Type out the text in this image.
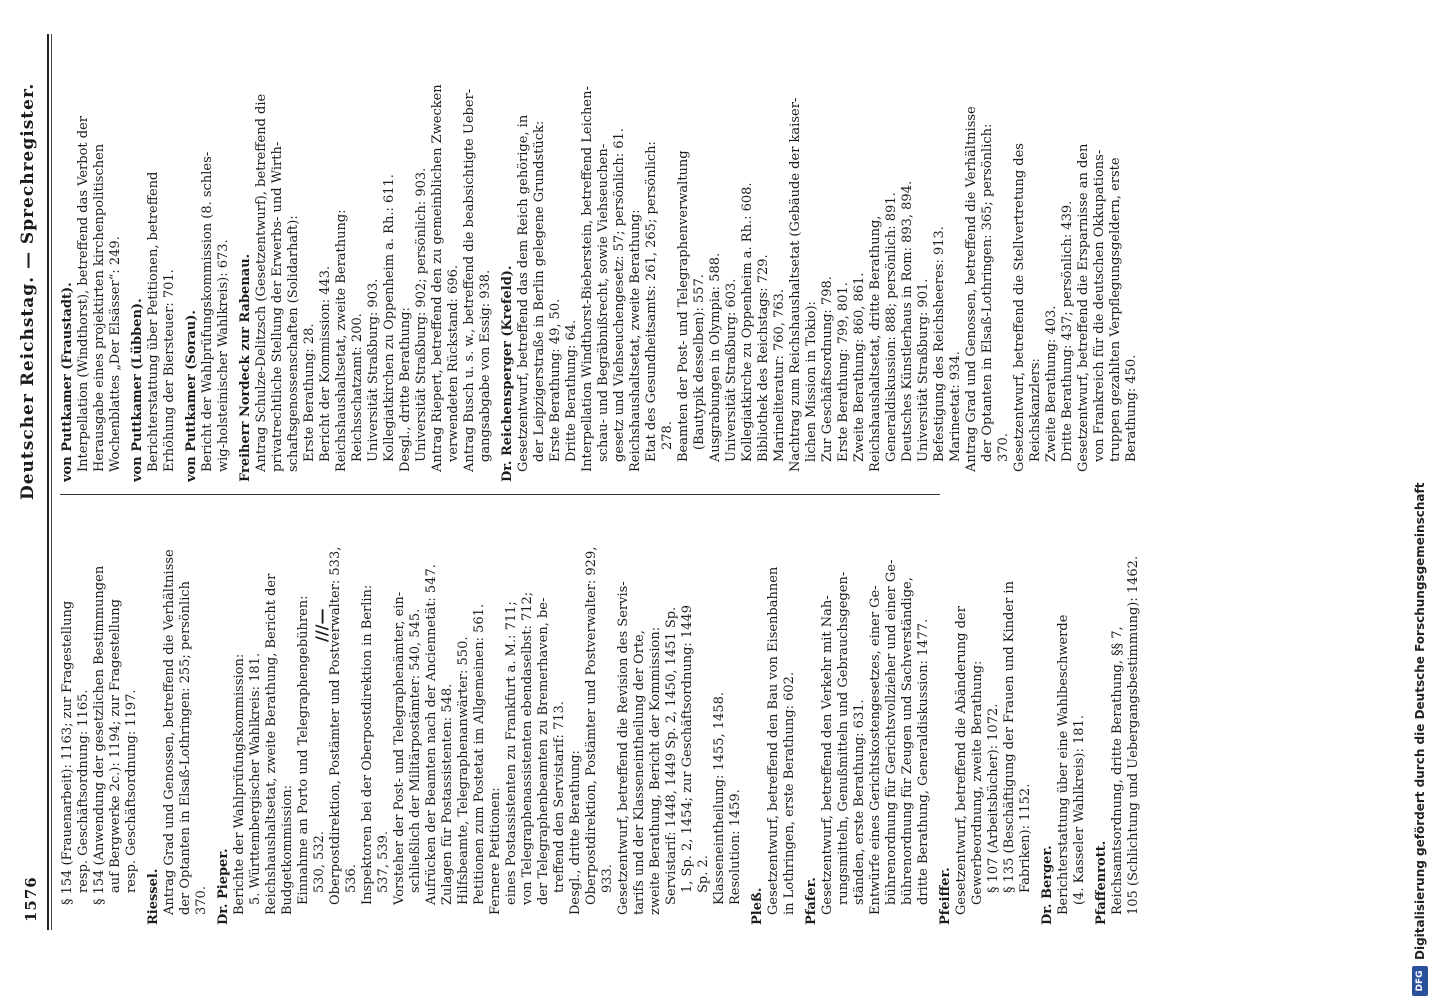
1576
Deutscher Reichstag. — Sprechregister.
§ 154 (Frauenarbeit): 1163; zur Fragestellung resp. Geschäftsordnung: 1165. § 154 (Anwendung der gesetzlichen Bestimmungen auf Bergwerke 2c.): 1194; zur Fragestellung resp. Geschäftsordnung: 1197.
Riessel. Antrag Grad und Genossen, betreffend die Verhältnisse der Optanten in Elsaß-Lothringen: 255; persönlich 370. Dr. Pieper. Berichte der Wahlprüfungskommission: 5. Württembergischer Wahlkreis: 181. Reichshaushaltsetat, zweite Berathung, Bericht der Budgetkommission: Einnahme an Porto und Telegraphengebühren: 530, 532. Oberpostdirektion, Postämter und Postverwalter: 533, 536. Inspektoren bei der Oberpostdirektion in Berlin: 537, 539. Vorsteher der Post- und Telegraphenämter, ein- schließlich der Militärpostämter: 540, 545. Aufrücken der Beamten nach der Anciennetät: 547. Zulagen für Postassistenten: 548. Hilfsbeamte, Telegraphenanwärter: 550. Petitionen zum Postetat im Allgemeinen: 561. Fernere Petitionen: eines Postassistenten zu Frankfurt a. M.: 711; von Telegraphenassistenten ebendaselbst: 712; der Telegraphenbeamten zu Bremerhaven, be- treffend den Servistarif: 713. Desgl., dritte Berathung: Oberpostdirektion, Postämter und Postverwalter: 929, 933. Gesetzentwurf, betreffend die Revision des Servis- tarifs und der Klasseneintheilung der Orte, zweite Berathung, Bericht der Kommission: Servistarif: 1448, 1449 Sp. 2, 1450, 1451 Sp. 1, Sp. 2, 1454; zur Geschäftsordnung: 1449 Sp. 2. Klasseneintheilung: 1455, 1458. Resolution: 1459.
Pleß. Gesetzentwurf, betreffend den Bau von Eisenbahnen in Lothringen, erste Berathung: 602. Pfafer. Gesetzentwurf, betreffend den Verkehr mit Nah- rungsmitteln, Genußmitteln und Gebrauchsgegen- ständen, erste Berathung: 631. Entwürfe eines Gerichtskostengesetzes, einer Ge- bührenordnung für Gerichtsvollzieher und einer Ge- bührenordnung für Zeugen und Sachverständige, dritte Berathung, Generaldiskussion: 1477. Pfeiffer. Gesetzentwurf, betreffend die Abänderung der Gewerbeordnung, zweite Berathung: § 107 (Arbeitsbücher): 1072. § 135 (Beschäftigung der Frauen und Kinder in Fabriken): 1152. Dr. Berger. Berichterstattung über eine Wahlbeschwerde (4. Kasseler Wahlkreis): 181. Pfaffenrott. Reichsamtsordnung, dritte Berathung, §§ 7, 105 (Schlichtung und Uebergangsbestimmung): 1462.
von Puttkamer (Fraustadt). Interpellation (Windthorst), betreffend das Verbot der Herausgabe eines projektirten kirchenpolitischen Wochenblattes „Der Elsässer“: 249. von Puttkamer (Lübben). Berichterstattung über Petitionen, betreffend Erhöhung der Biersteuer: 701. von Puttkamer (Sorau). Bericht der Wahlprüfungskommission (8. schles- wig-holsteinischer Wahlkreis): 673. Freiherr Nordeck zur Rabenau. Antrag Schulze-Delitzsch (Gesetzentwurf), betreffend die privatrechtliche Stellung der Erwerbs- und Wirth- schaftsgenossenschaften (Solidarhaft): Erste Berathung: 28. Bericht der Kommission: 443. Reichshaushaltsetat, zweite Berathung: Reichsschatzamt: 200. Universität Straßburg: 903. Kollegiatkirchen zu Oppenheim a. Rh.: 611. Desgl., dritte Berathung: Universität Straßburg: 902; persönlich: 903. Antrag Riepert, betreffend den zu gemeinblichen Zwecken verwendeten Rückstand: 696. Antrag Busch u. s. w., betreffend die beabsichtigte Ueber- gangsabgabe von Essig: 938. Dr. Reichensperger (Krefeld). Gesetzentwurf, betreffend das dem Reich gehörige, in der Leipzigerstraße in Berlin gelegene Grundstück: Erste Berathung: 49, 50. Dritte Berathung: 64. Interpellation Windthorst-Bieberstein, betreffend Leichen- schau- und Begräbnißrecht, sowie Viehseuchen- gesetz und Viehseuchengesetz: 57; persönlich: 61. Reichshaushaltsetat, zweite Berathung: Etat des Gesundheitsamts: 261, 265; persönlich: 278. Beamten der Post- und Telegraphenverwaltung (Bautypik desselben): 557. Ausgrabungen in Olympia: 588. Universität Straßburg: 603. Kollegiatkirche zu Oppenheim a. Rh.: 608. Bibliothek des Reichstags: 729. Marineliteratur: 760, 763. Nachtrag zum Reichshaushaltsetat (Gebäude der kaiser- lichen Mission in Tokio): Zur Geschäftsordnung: 798. Erste Berathung: 799, 801. Zweite Berathung: 860, 861. Reichshaushaltsetat, dritte Berathung, Generaldiskussion: 888; persönlich: 891. Deutsches Künstlerhaus in Rom: 893, 894. Universität Straßburg: 901. Befestigung des Reichsheeres: 913. Marineetat: 934. Antrag Grad und Genossen, betreffend die Verhältnisse der Optanten in Elsaß-Lothringen: 365; persönlich: 370. Gesetzentwurf, betreffend die Stellvertretung des Reichskanzlers: Zweite Berathung: 403. Dritte Berathung: 437; persönlich: 439. Gesetzentwurf, betreffend die Ersparnisse an den von Frankreich für die deutschen Okkupations- truppen gezahlten Verpflegungsgeldern, erste Berathung: 450.
///—
DFG
Digitalisierung gefördert durch die Deutsche Forschungsgemeinschaft
